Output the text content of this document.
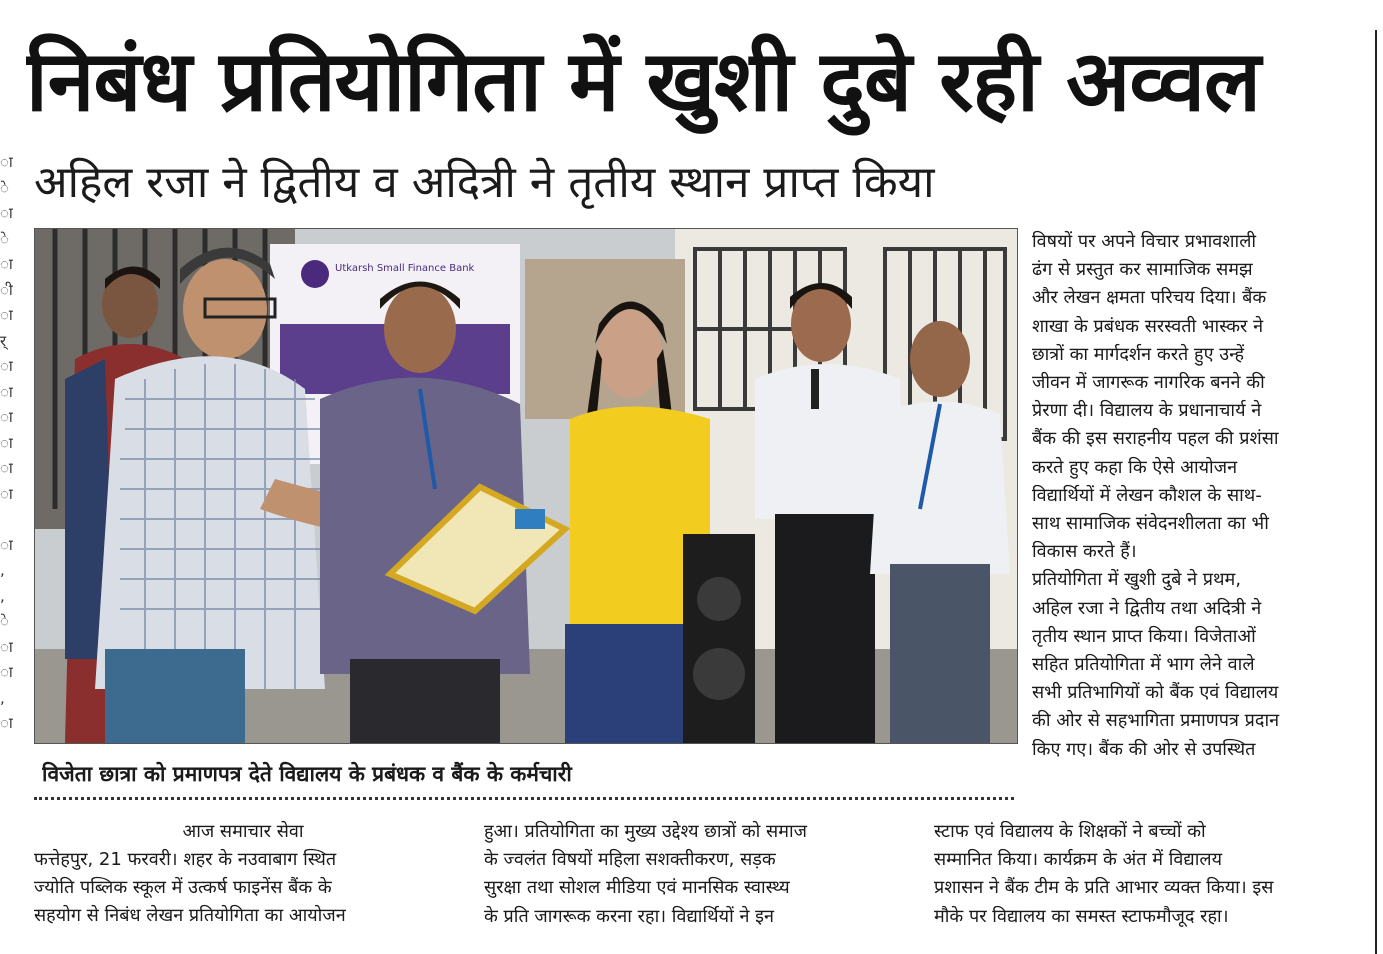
ा
े
ा
े
ा
ी
ा
र्
ा
ा
ा
ा
ा
ा

ा
,
,
े
ा
ा
,
ा
निबंध प्रतियोगिता में खुशी दुबे रही अव्वल
अहिल रजा ने द्वितीय व अदित्री ने तृतीय स्थान प्राप्त किया
Utkarsh Small Finance Bank
विजेता छात्रा को प्रमाणपत्र देते विद्यालय के प्रबंधक व बैंक के कर्मचारी
विषयों पर अपने विचार प्रभावशाली
ढंग से प्रस्तुत कर सामाजिक समझ
और लेखन क्षमता परिचय दिया। बैंक
शाखा के प्रबंधक सरस्वती भास्कर ने
छात्रों का मार्गदर्शन करते हुए उन्हें
जीवन में जागरूक नागरिक बनने की
प्रेरणा दी। विद्यालय के प्रधानाचार्य ने
बैंक की इस सराहनीय पहल की प्रशंसा
करते हुए कहा कि ऐसे आयोजन
विद्यार्थियों में लेखन कौशल के साथ-
साथ सामाजिक संवेदनशीलता का भी
विकास करते हैं।
प्रतियोगिता में खुशी दुबे ने प्रथम,
अहिल रजा ने द्वितीय तथा अदित्री ने
तृतीय स्थान प्राप्त किया। विजेताओं
सहित प्रतियोगिता में भाग लेने वाले
सभी प्रतिभागियों को बैंक एवं विद्यालय
की ओर से सहभागिता प्रमाणपत्र प्रदान
किए गए। बैंक की ओर से उपस्थित
आज समाचार सेवा
फत्तेहपुर, 21 फरवरी। शहर के नउवाबाग स्थित
ज्योति पब्लिक स्कूल में उत्कर्ष फाइनेंस बैंक के
सहयोग से निबंध लेखन प्रतियोगिता का आयोजन
हुआ। प्रतियोगिता का मुख्य उद्देश्य छात्रों को समाज
के ज्वलंत विषयों महिला सशक्तीकरण, सड़क
सुरक्षा तथा सोशल मीडिया एवं मानसिक स्वास्थ्य
के प्रति जागरूक करना रहा। विद्यार्थियों ने इन
स्टाफ एवं विद्यालय के शिक्षकों ने बच्चों को
सम्मानित किया। कार्यक्रम के अंत में विद्यालय
प्रशासन ने बैंक टीम के प्रति आभार व्यक्त किया। इस
मौके पर विद्यालय का समस्त स्टाफमौजूद रहा।
